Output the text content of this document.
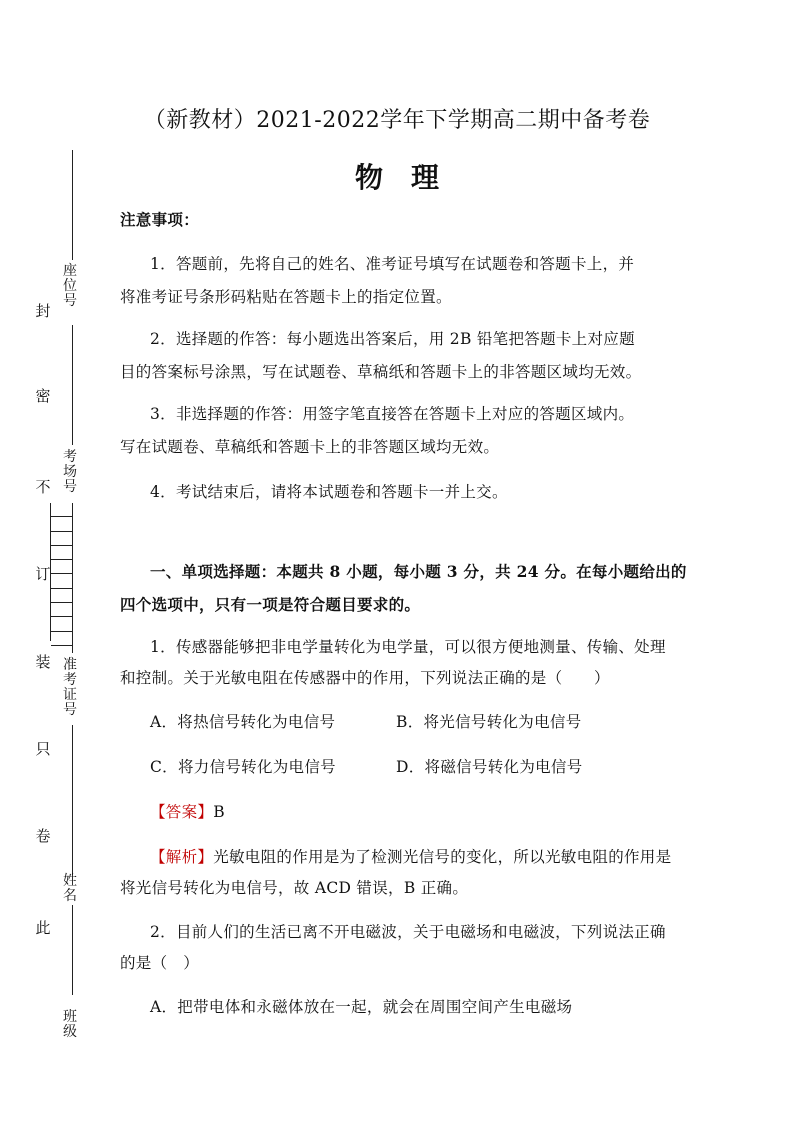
（新教材）2021-2022学年下学期高二期中备考卷
物　理
注意事项：
1．答题前，先将自己的姓名、准考证号填写在试题卷和答题卡上，并
将准考证号条形码粘贴在答题卡上的指定位置。
2．选择题的作答：每小题选出答案后，用 2B 铅笔把答题卡上对应题
目的答案标号涂黑，写在试题卷、草稿纸和答题卡上的非答题区域均无效。
3．非选择题的作答：用签字笔直接答在答题卡上对应的答题区域内。
写在试题卷、草稿纸和答题卡上的非答题区域均无效。
4．考试结束后，请将本试题卷和答题卡一并上交。
一、单项选择题：本题共 8 小题，每小题 3 分，共 24 分。在每小题给出的
四个选项中，只有一项是符合题目要求的。
1．传感器能够把非电学量转化为电学量，可以很方便地测量、传输、处理
和控制。关于光敏电阻在传感器中的作用，下列说法正确的是（　　）
A．将热信号转化为电信号	B．将光信号转化为电信号
C．将力信号转化为电信号	D．将磁信号转化为电信号
【答案】B
【解析】光敏电阻的作用是为了检测光信号的变化，所以光敏电阻的作用是
将光信号转化为电信号，故 ACD 错误，B 正确。
2．目前人们的生活已离不开电磁波，关于电磁场和电磁波，下列说法正确
的是（　）
A．把带电体和永磁体放在一起，就会在周围空间产生电磁场
座位号
考场号
准考证号
姓名
班级
封
密
不
订
装
只
卷
此
